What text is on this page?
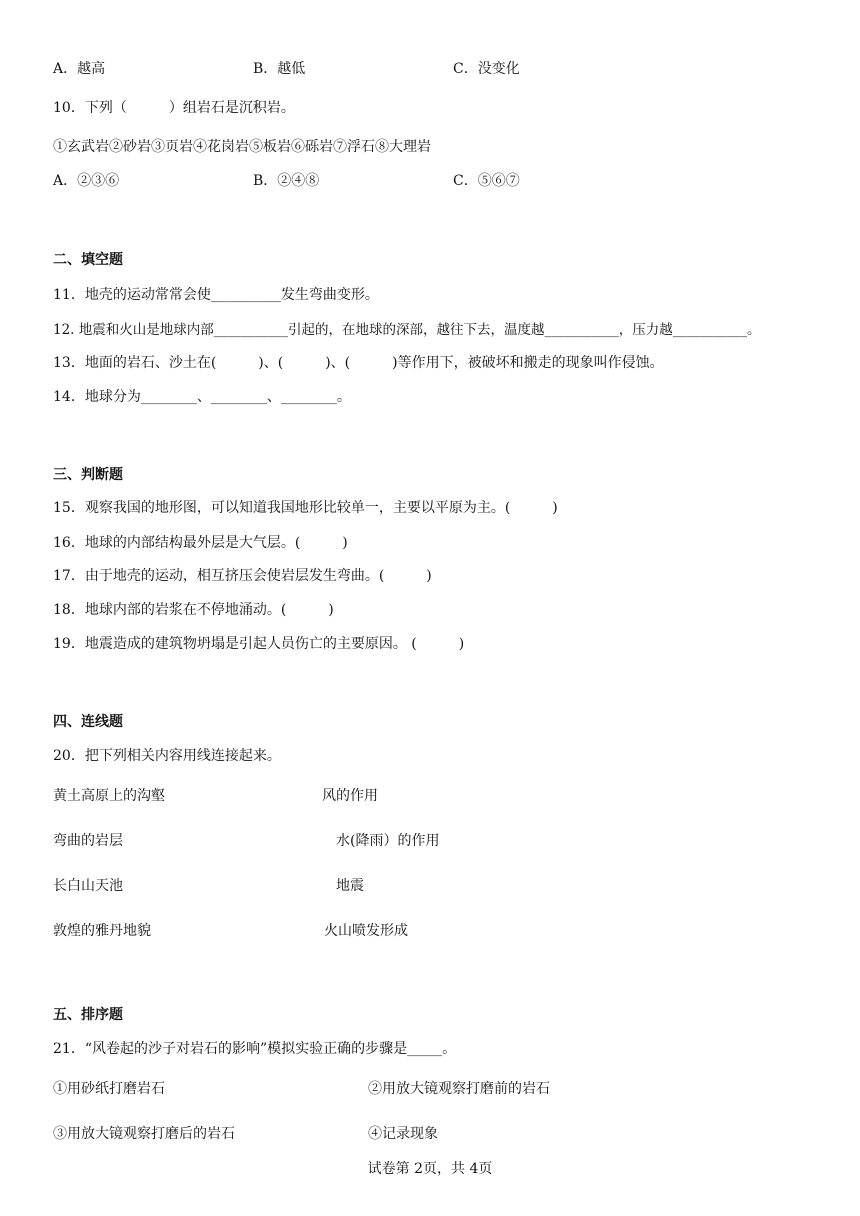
A．越高	B．越低	C．没变化
10．下列（　　　）组岩石是沉积岩。
①玄武岩②砂岩③页岩④花岗岩⑤板岩⑥砾岩⑦浮石⑧大理岩
A．②③⑥	B．②④⑧	C．⑤⑥⑦
二、填空题
11．地壳的运动常常会使__________发生弯曲变形。
12. 地震和火山是地球内部___________引起的，在地球的深部，越往下去，温度越___________，压力越___________。
13．地面的岩石、沙土在(　　　)、(　　　)、(　　　)等作用下，被破坏和搬走的现象叫作侵蚀。
14．地球分为________、________、________。
三、判断题
15．观察我国的地形图，可以知道我国地形比较单一，主要以平原为主。(　　　)
16．地球的内部结构最外层是大气层。(　　　)
17．由于地壳的运动，相互挤压会使岩层发生弯曲。(　　　)
18．地球内部的岩浆在不停地涌动。(　　　)
19．地震造成的建筑物坍塌是引起人员伤亡的主要原因。 (　　　)
四、连线题
20．把下列相关内容用线连接起来。
黄土高原上的沟壑
弯曲的岩层
长白山天池
敦煌的雅丹地貌
风的作用
水(降雨）的作用
地震
火山喷发形成
五、排序题
21．“风卷起的沙子对岩石的影响”模拟实验正确的步骤是_____。
①用砂纸打磨岩石	②用放大镜观察打磨前的岩石
③用放大镜观察打磨后的岩石	④记录现象
试卷第 2页，共 4页
